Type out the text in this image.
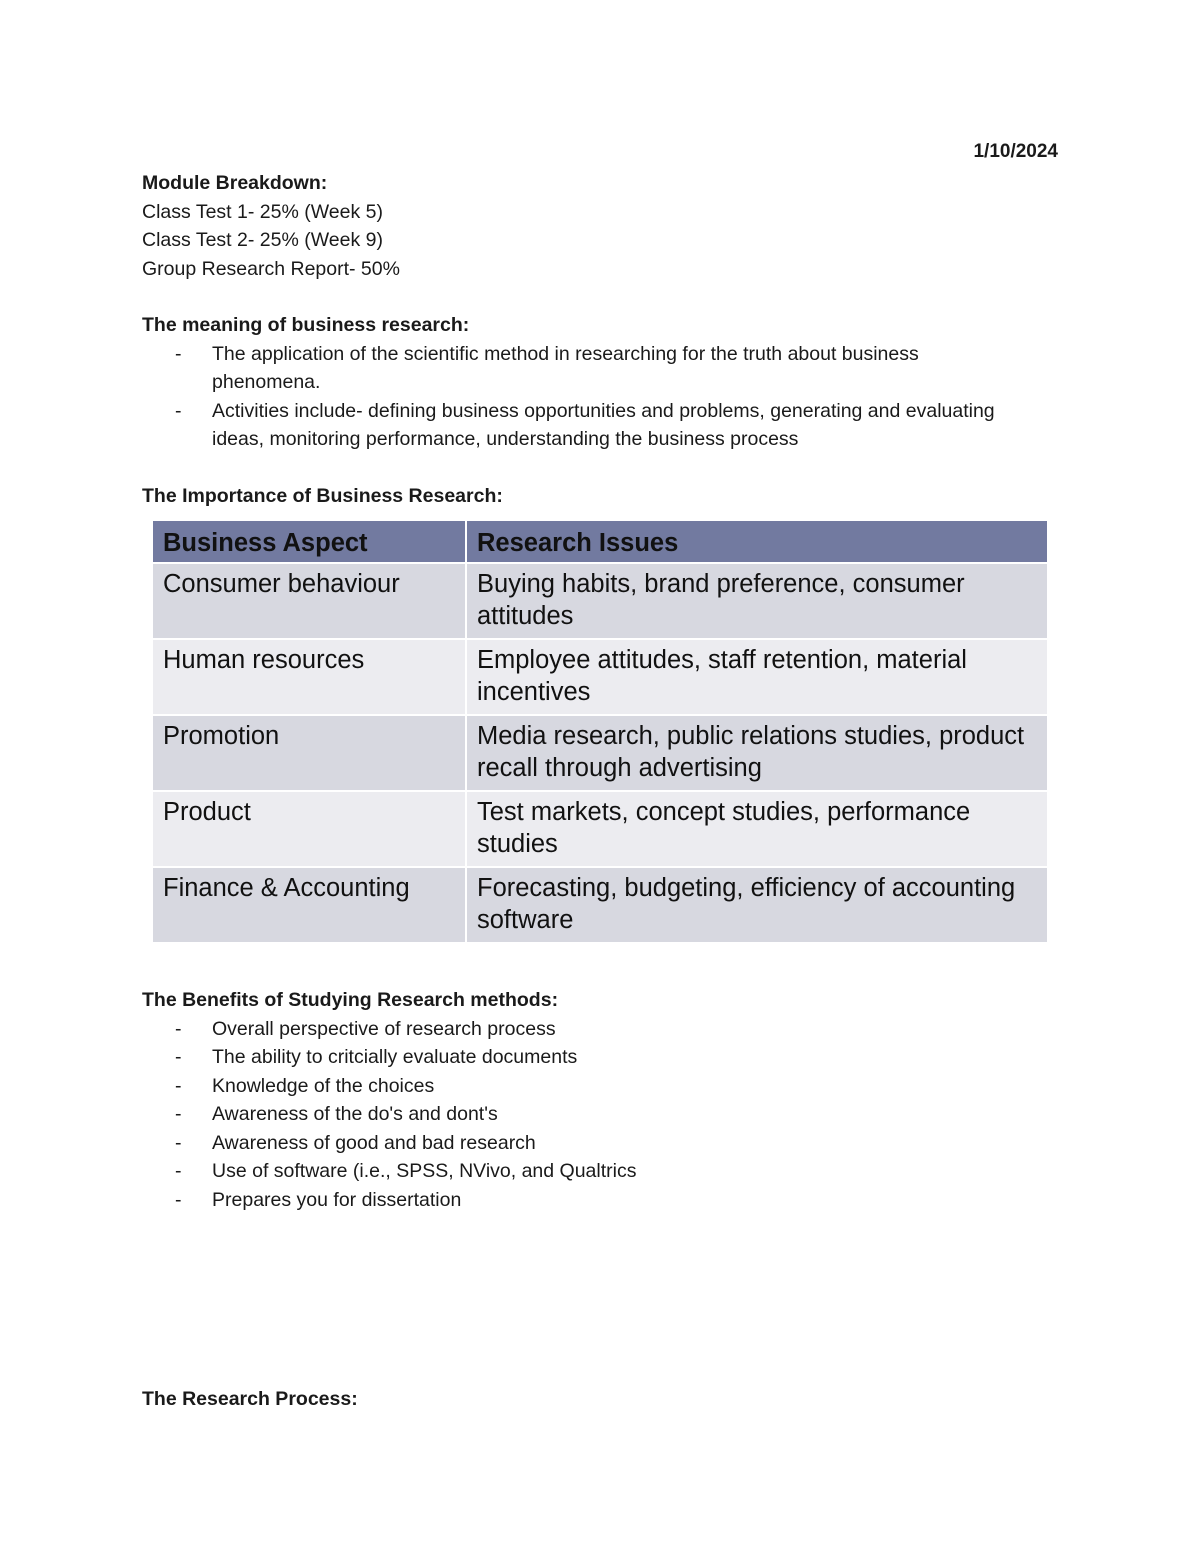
1/10/2024
Module Breakdown:
Class Test 1- 25% (Week 5)
Class Test 2- 25% (Week 9)
Group Research Report- 50%
The meaning of business research:
- The application of the scientific method in researching for the truth about business phenomena.
- Activities include- defining business opportunities and problems, generating and evaluating ideas, monitoring performance, understanding the business process
The Importance of Business Research:
Business Aspect	Research Issues
Consumer behaviour	Buying habits, brand preference, consumer attitudes
Human resources	Employee attitudes, staff retention, material incentives
Promotion	Media research, public relations studies, product recall through advertising
Product	Test markets, concept studies, performance studies
Finance & Accounting	Forecasting, budgeting, efficiency of accounting software
The Benefits of Studying Research methods:
- Overall perspective of research process
- The ability to critcially evaluate documents
- Knowledge of the choices
- Awareness of the do's and dont's
- Awareness of good and bad research
- Use of software (i.e., SPSS, NVivo, and Qualtrics
- Prepares you for dissertation
The Research Process:
